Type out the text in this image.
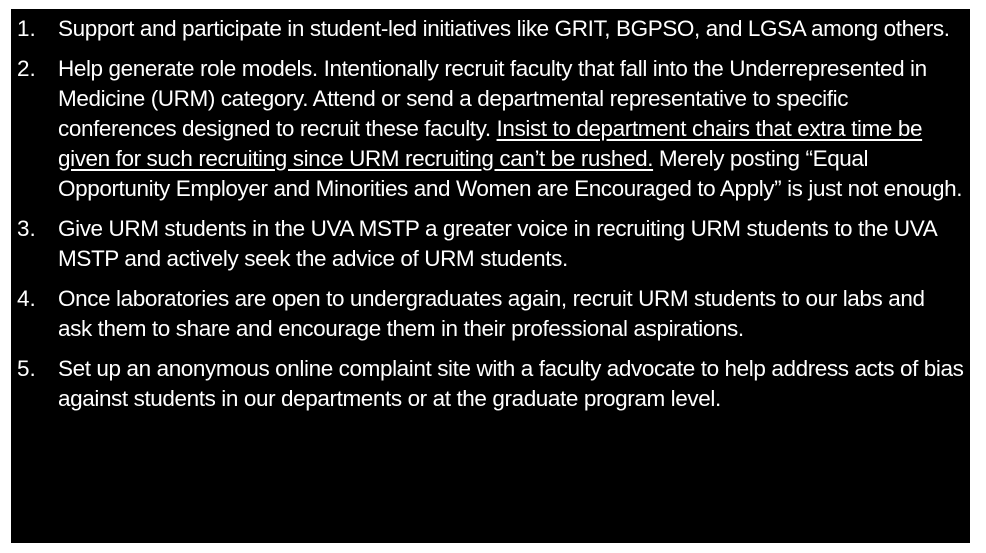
1. Support and participate in student-led initiatives like GRIT, BGPSO, and LGSA among others.
2. Help generate role models. Intentionally recruit faculty that fall into the Underrepresented in Medicine (URM) category. Attend or send a departmental representative to specific conferences designed to recruit these faculty. Insist to department chairs that extra time be given for such recruiting since URM recruiting can’t be rushed. Merely posting “Equal Opportunity Employer and Minorities and Women are Encouraged to Apply” is just not enough.
3. Give URM students in the UVA MSTP a greater voice in recruiting URM students to the UVA MSTP and actively seek the advice of URM students.
4. Once laboratories are open to undergraduates again, recruit URM students to our labs and ask them to share and encourage them in their professional aspirations.
5. Set up an anonymous online complaint site with a faculty advocate to help address acts of bias against students in our departments or at the graduate program level.
